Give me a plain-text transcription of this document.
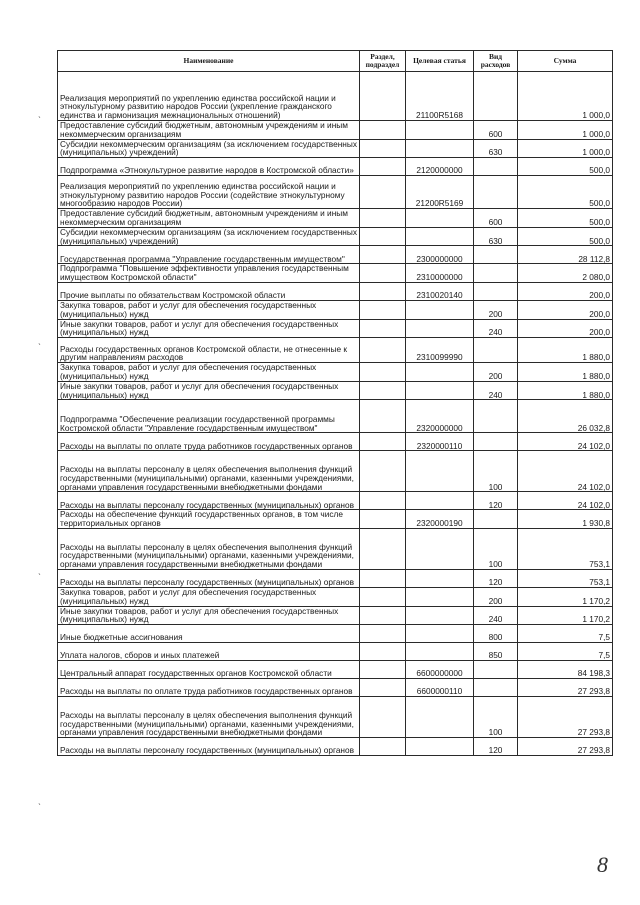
Наименование	Раздел, подраздел	Целевая статья	Вид расходов	Сумма
Реализация мероприятий по укреплению единства российской нации и этнокультурному развитию народов России (укрепление гражданского единства и гармонизация межнациональных отношений)		21100R5168		1 000,0
Предоставление субсидий бюджетным, автономным учреждениям и иным некоммерческим организациям			600	1 000,0
Субсидии некоммерческим организациям (за исключением государственных (муниципальных) учреждений)			630	1 000,0
Подпрограмма «Этнокультурное развитие народов в Костромской области»		2120000000		500,0
Реализация мероприятий по укреплению единства российской нации и этнокультурному развитию народов России (содействие этнокультурному многообразию народов России)		21200R5169		500,0
Предоставление субсидий бюджетным, автономным учреждениям и иным некоммерческим организациям			600	500,0
Субсидии некоммерческим организациям (за исключением государственных (муниципальных) учреждений)			630	500,0
Государственная программа "Управление государственным имуществом"		2300000000		28 112,8
Подпрограмма "Повышение эффективности управления государственным имуществом Костромской области"		2310000000		2 080,0
Прочие выплаты по обязательствам Костромской области		2310020140		200,0
Закупка товаров, работ и услуг для обеспечения государственных (муниципальных) нужд			200	200,0
Иные закупки товаров, работ и услуг для обеспечения государственных (муниципальных) нужд			240	200,0
Расходы государственных органов Костромской области, не отнесенные к другим направлениям расходов		2310099990		1 880,0
Закупка товаров, работ и услуг для обеспечения государственных (муниципальных) нужд			200	1 880,0
Иные закупки товаров, работ и услуг для обеспечения государственных (муниципальных) нужд			240	1 880,0
Подпрограмма "Обеспечение реализации государственной программы Костромской области "Управление государственным имуществом"		2320000000		26 032,8
Расходы на выплаты по оплате труда работников государственных органов		2320000110		24 102,0
Расходы на выплаты персоналу в целях обеспечения выполнения функций государственными (муниципальными) органами, казенными учреждениями, органами управления государственными внебюджетными фондами			100	24 102,0
Расходы на выплаты персоналу государственных (муниципальных) органов			120	24 102,0
Расходы на обеспечение функций государственных органов, в том числе территориальных органов		2320000190		1 930,8
Расходы на выплаты персоналу в целях обеспечения выполнения функций государственными (муниципальными) органами, казенными учреждениями, органами управления государственными внебюджетными фондами			100	753,1
Расходы на выплаты персоналу государственных (муниципальных) органов			120	753,1
Закупка товаров, работ и услуг для обеспечения государственных (муниципальных) нужд			200	1 170,2
Иные закупки товаров, работ и услуг для обеспечения государственных (муниципальных) нужд			240	1 170,2
Иные бюджетные ассигнования			800	7,5
Уплата налогов, сборов и иных платежей			850	7,5
Центральный аппарат государственных органов Костромской области		6600000000		84 198,3
Расходы на выплаты по оплате труда работников государственных органов		6600000110		27 293,8
Расходы на выплаты персоналу в целях обеспечения выполнения функций государственными (муниципальными) органами, казенными учреждениями, органами управления государственными внебюджетными фондами			100	27 293,8
Расходы на выплаты персоналу государственных (муниципальных) органов			120	27 293,8
ˎ
ˎ
ˎ
ˎ
8
